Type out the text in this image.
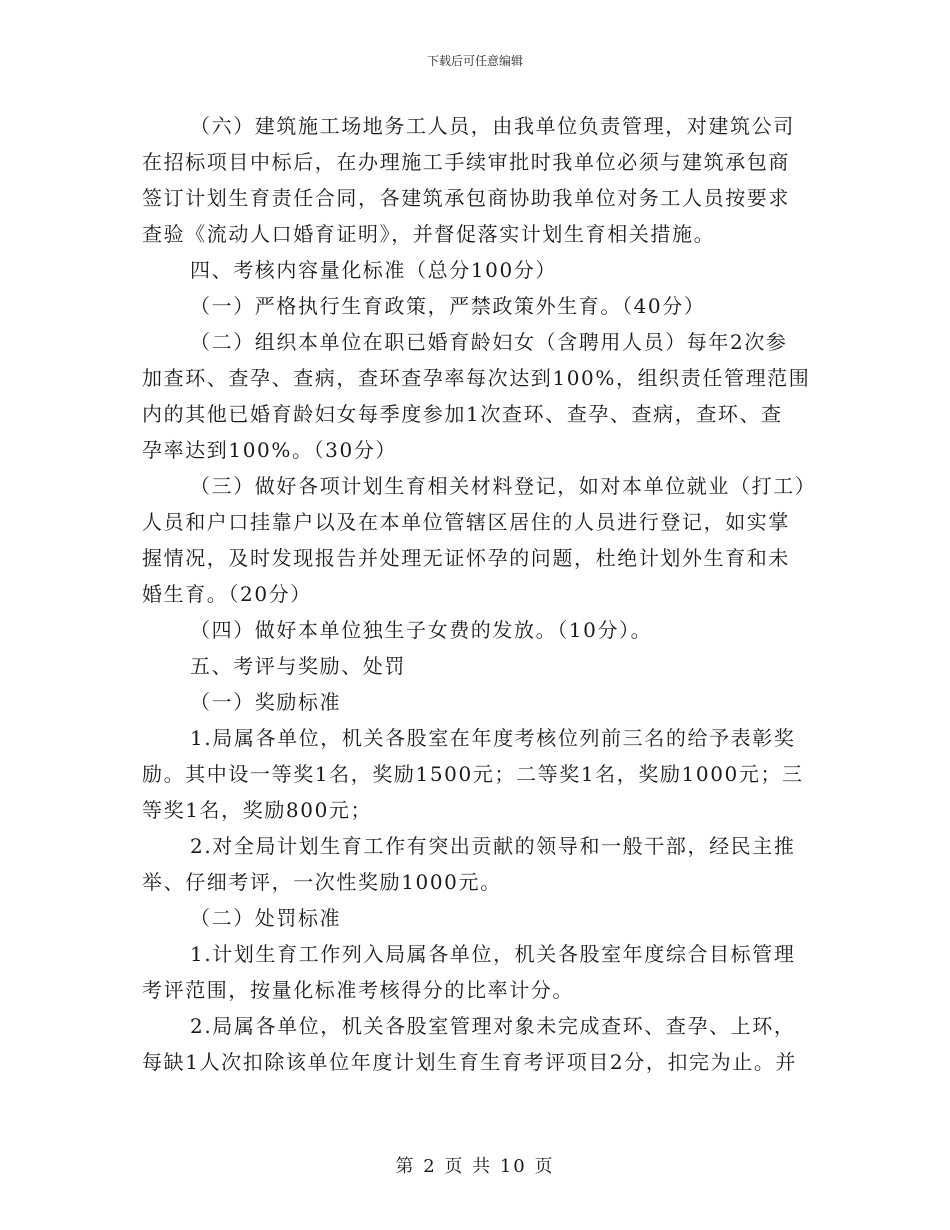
下载后可任意编辑
（六）建筑施工场地务工人员，由我单位负责管理，对建筑公司
在招标项目中标后，在办理施工手续审批时我单位必须与建筑承包商
签订计划生育责任合同，各建筑承包商协助我单位对务工人员按要求
查验《流动人口婚育证明》，并督促落实计划生育相关措施。
四、考核内容量化标准（总分100分）
（一）严格执行生育政策，严禁政策外生育。（40分）
（二）组织本单位在职已婚育龄妇女（含聘用人员）每年2次参
加查环、查孕、查病，查环查孕率每次达到100%，组织责任管理范围
内的其他已婚育龄妇女每季度参加1次查环、查孕、查病，查环、查
孕率达到100%。（30分）
（三）做好各项计划生育相关材料登记，如对本单位就业（打工）
人员和户口挂靠户以及在本单位管辖区居住的人员进行登记，如实掌
握情况，及时发现报告并处理无证怀孕的问题，杜绝计划外生育和未
婚生育。（20分）
（四）做好本单位独生子女费的发放。（10分）。
五、考评与奖励、处罚
（一）奖励标准
1.局属各单位，机关各股室在年度考核位列前三名的给予表彰奖
励。其中设一等奖1名，奖励1500元；二等奖1名，奖励1000元；三
等奖1名，奖励800元；
2.对全局计划生育工作有突出贡献的领导和一般干部，经民主推
举、仔细考评，一次性奖励1000元。
（二）处罚标准
1.计划生育工作列入局属各单位，机关各股室年度综合目标管理
考评范围，按量化标准考核得分的比率计分。
2.局属各单位，机关各股室管理对象未完成查环、查孕、上环，
每缺1人次扣除该单位年度计划生育生育考评项目2分，扣完为止。并
第 2 页 共 10 页
